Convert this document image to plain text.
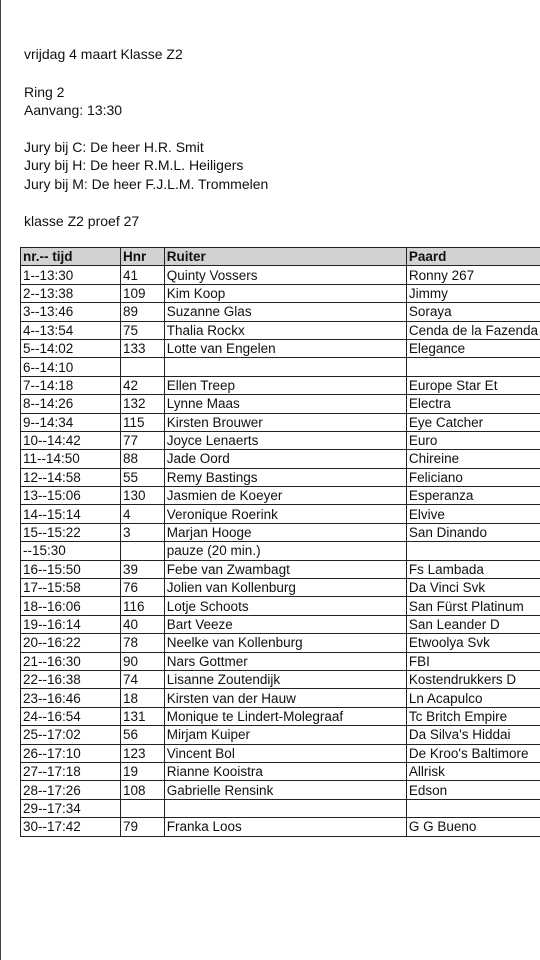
vrijdag 4 maart Klasse Z2
Ring 2
Aanvang: 13:30
Jury bij C: De heer H.R. Smit
Jury bij H: De heer R.M.L. Heiligers
Jury bij M: De heer F.J.L.M. Trommelen
klasse Z2 proef 27
nr.-- tijd	Hnr	Ruiter	Paard
1--13:30	41	Quinty Vossers	Ronny 267
2--13:38	109	Kim Koop	Jimmy
3--13:46	89	Suzanne Glas	Soraya
4--13:54	75	Thalia Rockx	Cenda de la Fazenda
5--14:02	133	Lotte van Engelen	Elegance
6--14:10			
7--14:18	42	Ellen Treep	Europe Star Et
8--14:26	132	Lynne Maas	Electra
9--14:34	115	Kirsten Brouwer	Eye Catcher
10--14:42	77	Joyce Lenaerts	Euro
11--14:50	88	Jade Oord	Chireine
12--14:58	55	Remy Bastings	Feliciano
13--15:06	130	Jasmien de Koeyer	Esperanza
14--15:14	4	Veronique Roerink	Elvive
15--15:22	3	Marjan Hooge	San Dinando
--15:30		pauze (20 min.)	
16--15:50	39	Febe van Zwambagt	Fs Lambada
17--15:58	76	Jolien van Kollenburg	Da Vinci Svk
18--16:06	116	Lotje Schoots	San Fürst Platinum
19--16:14	40	Bart Veeze	San Leander D
20--16:22	78	Neelke van Kollenburg	Etwoolya Svk
21--16:30	90	Nars Gottmer	FBI
22--16:38	74	Lisanne Zoutendijk	Kostendrukkers D
23--16:46	18	Kirsten van der Hauw	Ln Acapulco
24--16:54	131	Monique te Lindert-Molegraaf	Tc Britch Empire
25--17:02	56	Mirjam Kuiper	Da Silva's Hiddai
26--17:10	123	Vincent Bol	De Kroo's Baltimore
27--17:18	19	Rianne Kooistra	Allrisk
28--17:26	108	Gabrielle Rensink	Edson
29--17:34			
30--17:42	79	Franka Loos	G G Bueno
